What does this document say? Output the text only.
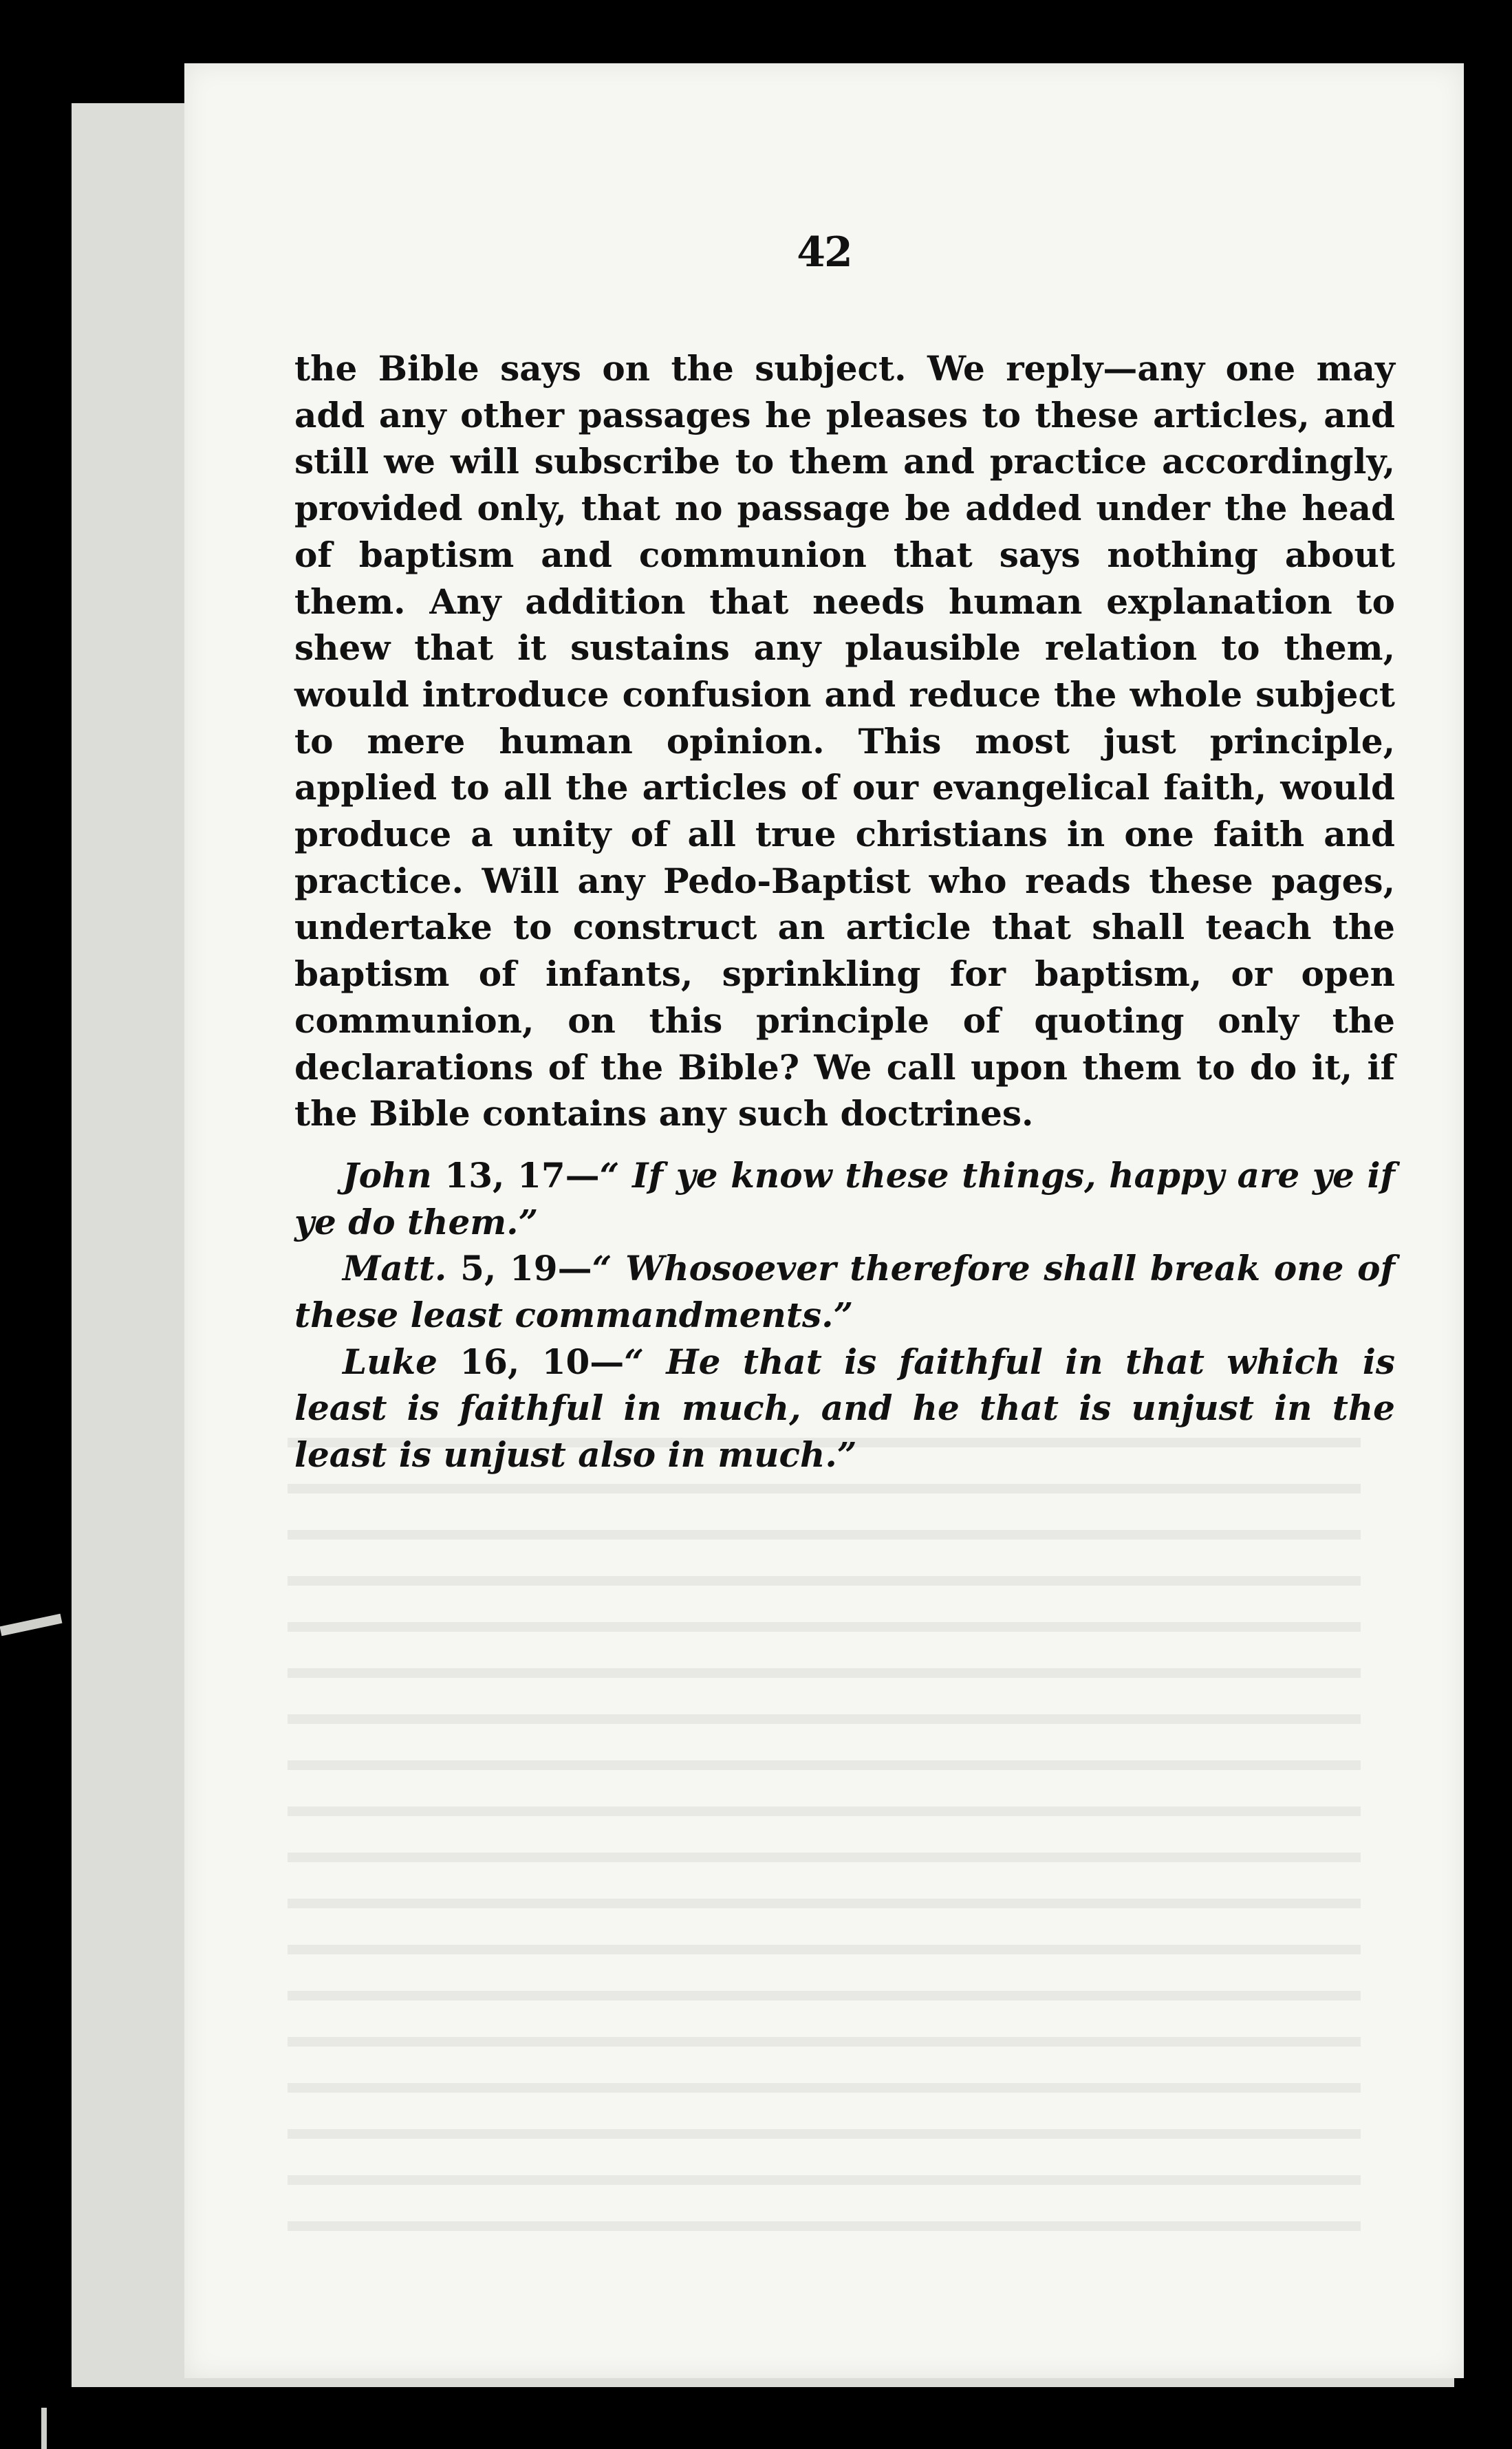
42

the Bible says on the subject. We reply—any one may add any other passages he pleases to these articles, and still we will subscribe to them and practice accordingly, provided only, that no passage be added under the head of baptism and communion that says nothing about them. Any addition that needs human explanation to shew that it sustains any plausible relation to them, would introduce confusion and reduce the whole subject to mere human opinion. This most just principle, applied to all the articles of our evangelical faith, would produce a unity of all true christians in one faith and practice. Will any Pedo-Baptist who reads these pages, undertake to construct an article that shall teach the baptism of infants, sprinkling for baptism, or open communion, on this principle of quoting only the declarations of the Bible? We call upon them to do it, if the Bible contains any such doctrines.

John 13, 17—“ If ye know these things, happy are ye if ye do them.”

Matt. 5, 19—“ Whosoever therefore shall break one of these least commandments.”

Luke 16, 10—“ He that is faithful in that which is least is faithful in much, and he that is unjust in the least is unjust also in much.”
